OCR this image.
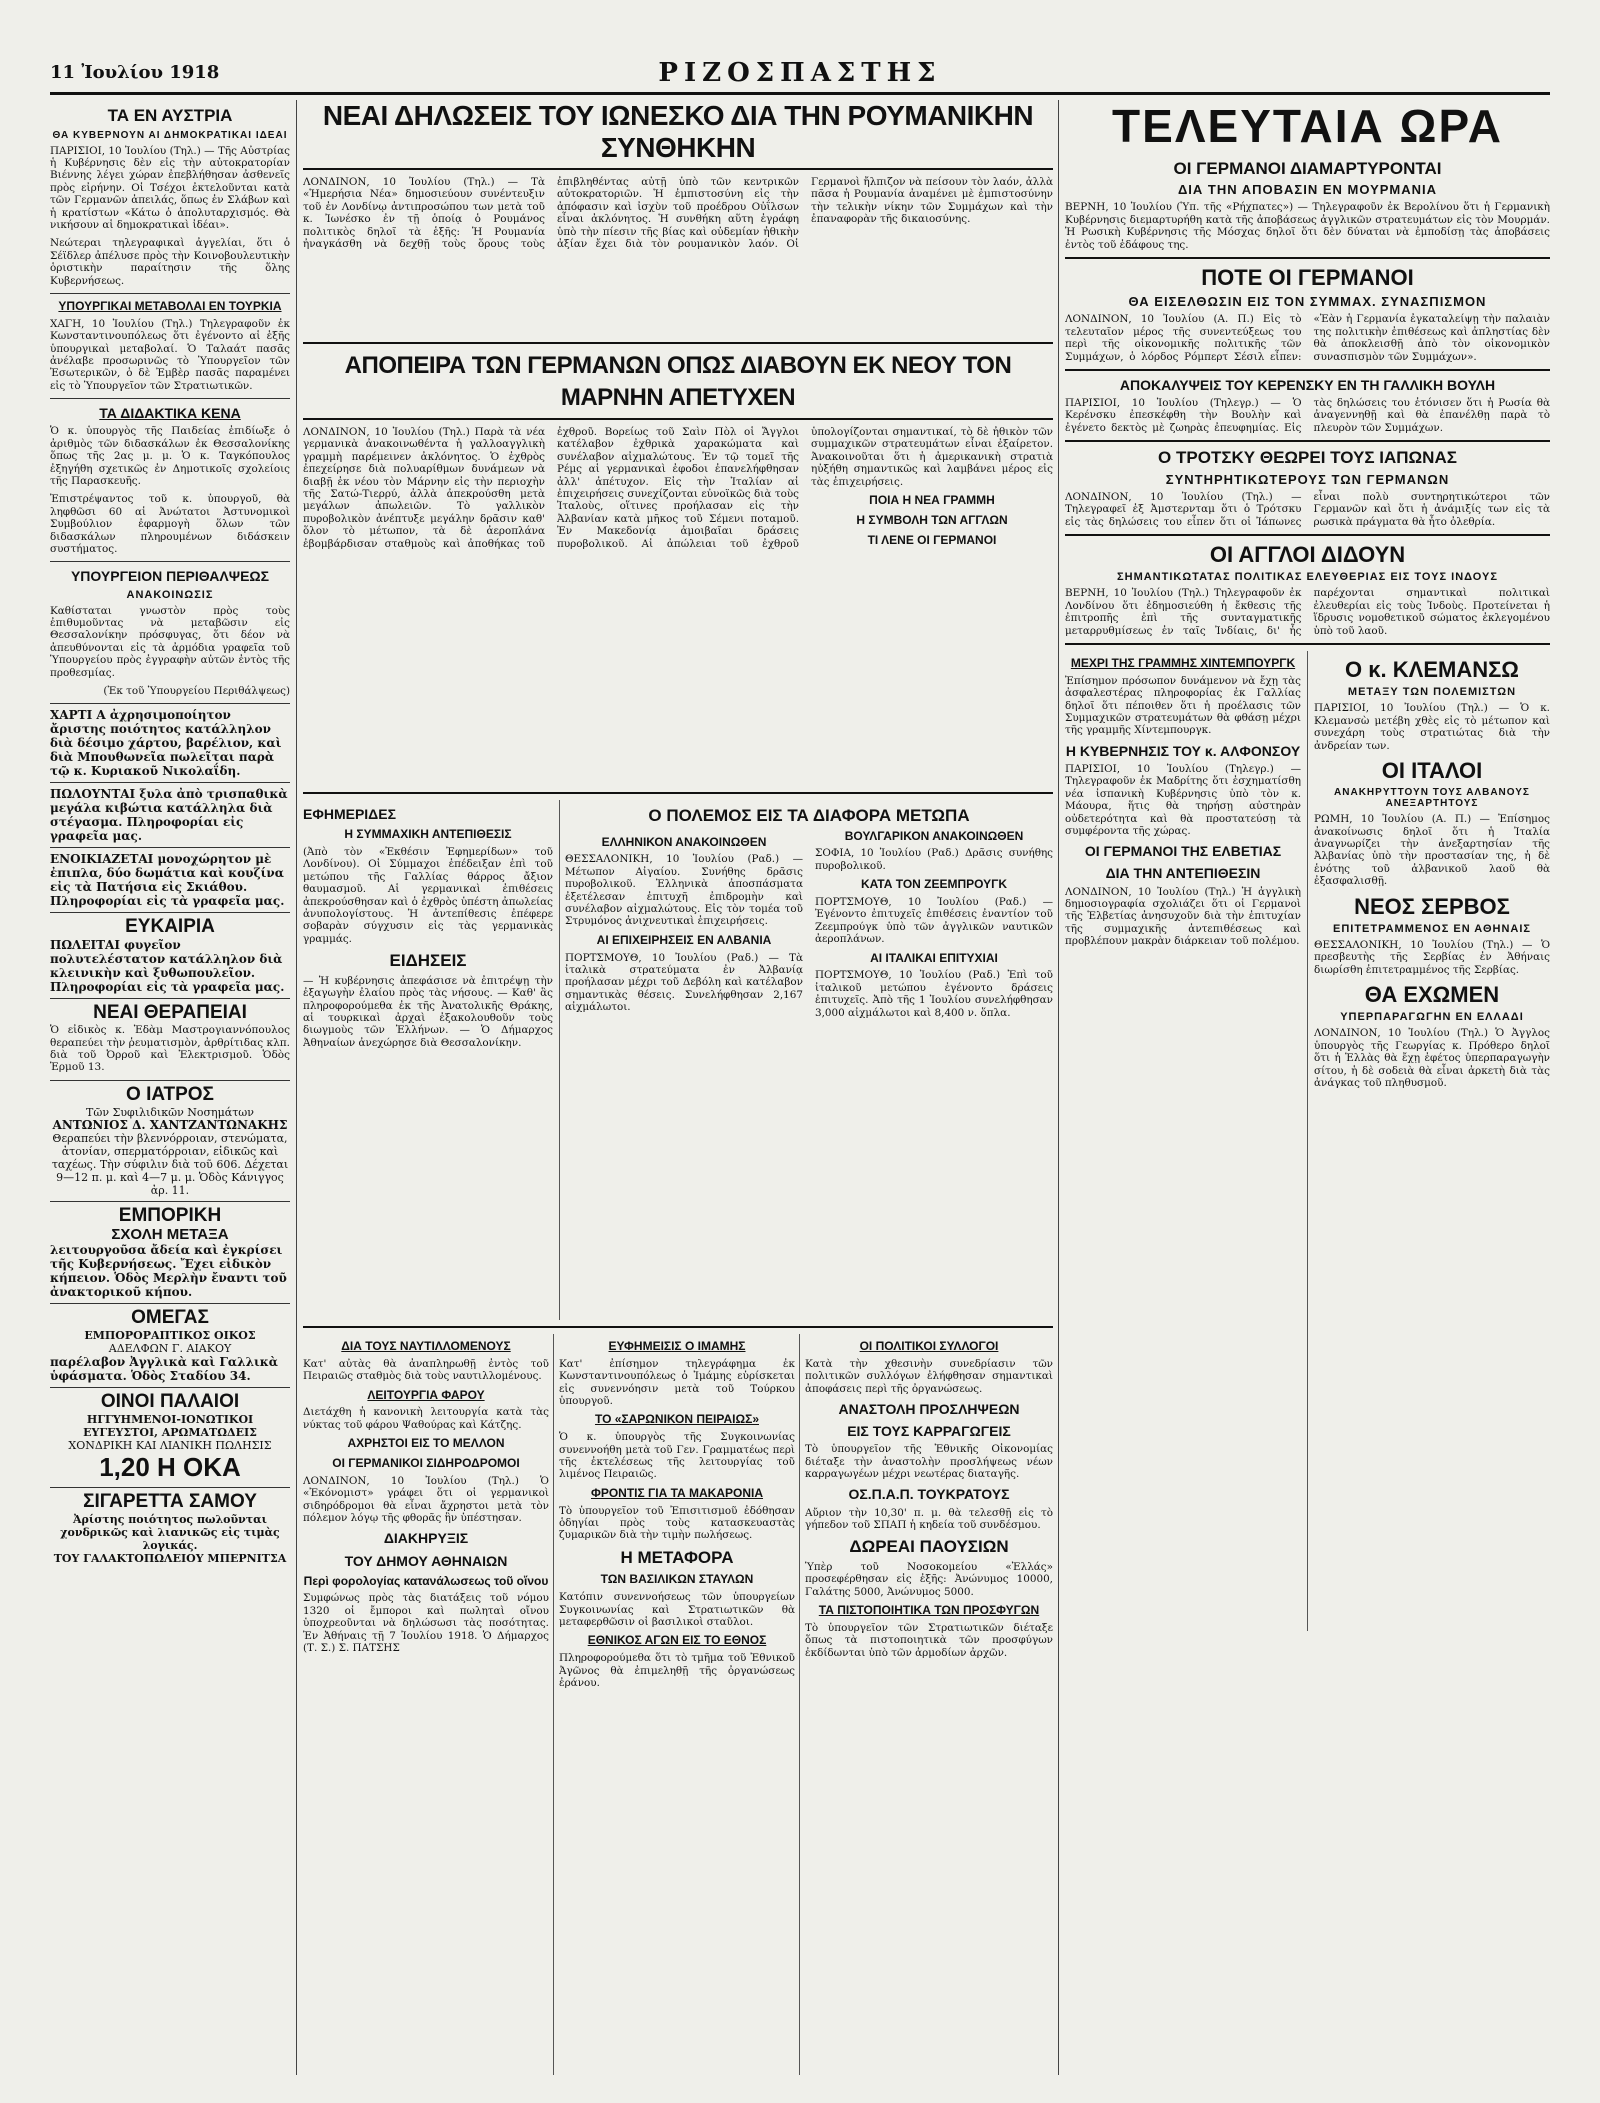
11 Ἰουλίου 1918	ΡΙΖΟΣΠΑΣΤΗΣ
ΤΑ ΕΝ ΑΥΣΤΡΙΑ
ΘΑ ΚΥΒΕΡΝΟΥΝ ΑΙ ΔΗΜΟΚΡΑΤΙΚΑΙ ΙΔΕΑΙ

ΠΑΡΙΣΙΟΙ, 10 Ἰουλίου (Τηλ.) — Τῆς Αὐστρίας ἡ Κυβέρνησις δὲν εἰς τὴν αὐτοκρατορίαν Βιέννης λέγει χώραν ἐπεβλήθησαν ἀσθενεῖς πρὸς εἰρήνην. Οἱ Τσέχοι ἐκτελοῦνται κατὰ τῶν Γερμανῶν ἀπειλάς, ὅπως ἐν Σλάβων καὶ ἡ κρατίστων «Κάτω ὁ ἀπολυταρχισμός. Θὰ νικήσουν αἱ δημοκρατικαὶ ἰδέαι».

Νεώτεραι τηλεγραφικαὶ ἀγγελίαι, ὅτι ὁ Σέϊδλερ ἀπέλυσε πρὸς τὴν Κοινοβουλευτικὴν ὁριστικὴν παραίτησιν τῆς ὅλης Κυβερνήσεως.

ΥΠΟΥΡΓΙΚΑΙ ΜΕΤΑΒΟΛΑΙ ΕΝ ΤΟΥΡΚΙΑ

ΧΑΓΗ, 10 Ἰουλίου (Τηλ.) Τηλεγραφοῦν ἐκ Κωνσταντινουπόλεως ὅτι ἐγένοντο αἱ ἑξῆς ὑπουργικαὶ μεταβολαί. Ὁ Ταλαάτ πασᾶς ἀνέλαβε προσωρινῶς τὸ Ὑπουργεῖον τῶν Ἐσωτερικῶν, ὁ δὲ Ἐμβὲρ πασᾶς παραμένει εἰς τὸ Ὑπουργεῖον τῶν Στρατιωτικῶν.

ΤΑ ΔΙΔΑΚΤΙΚΑ ΚΕΝΑ

Ὁ κ. ὑπουργὸς τῆς Παιδείας ἐπιδίωξε ὁ ἀριθμὸς τῶν διδασκάλων ἐκ Θεσσαλονίκης ὅπως τῆς 2ας μ. μ. Ὁ κ. Ταγκόπουλος ἐξηγήθη σχετικῶς ἐν Δημοτικοῖς σχολείοις τῆς Παρασκευῆς.

Ἐπιστρέψαντος τοῦ κ. ὑπουργοῦ, θὰ ληφθῶσι 60 αἱ Ἀνώτατοι Ἀστυνομικοὶ Συμβούλιον ἐφαρμογὴ ὅλων τῶν διδασκάλων πληρουμένων διδάσκειν συστήματος.

ΥΠΟΥΡΓΕΙΟΝ ΠΕΡΙΘΑΛΨΕΩΣ
ΑΝΑΚΟΙΝΩΣΙΣ

Καθίσταται γνωστὸν πρὸς τοὺς ἐπιθυμοῦντας νὰ μεταβῶσιν εἰς Θεσσαλονίκην πρόσφυγας, ὅτι δέον νὰ ἀπευθύνονται εἰς τὰ ἀρμόδια γραφεῖα τοῦ Ὑπουργείου πρὸς ἐγγραφὴν αὐτῶν ἐντὸς τῆς προθεσμίας.

(Ἐκ τοῦ Ὑπουργείου Περιθάλψεως)

ΧΑΡΤΙ Α ἀχρησιμοποίητον ἄριστης ποιότητος κατάλληλον διὰ δέσιμο χάρτου, βαρέλιον, καὶ διὰ Μπουθωνεῖα πωλεῖται παρὰ τῷ κ. Κυριακοῦ Νικολαΐδη.
ΠΩΛΟΥΝΤΑΙ ξυλα ἀπὸ τρισπαθικὰ μεγάλα κιβώτια κατάλληλα διὰ στέγασμα. Πληροφορίαι εἰς γραφεῖα μας.
ΕΝΟΙΚΙΑΖΕΤΑΙ μονοχώρητον μὲ ἐπιπλα, δύο δωμάτια καὶ κουζίνα εἰς τὰ Πατήσια εἰς Σκιάθου. Πληροφορίαι εἰς τὰ γραφεῖα μας.
ΕΥΚΑΙΡΙΑ
ΠΩΛΕΙΤΑΙ φυγεῖον πολυτελέστατον κατάλληλον διὰ κλεινικὴν καὶ ξυθωπουλεῖον. Πληροφορίαι εἰς τὰ γραφεῖα μας.
ΝΕΑΙ ΘΕΡΑΠΕΙΑΙ
Ὁ εἰδικὸς κ. Ἐδὰμ Μαστρογιαννόπουλος θεραπεύει τὴν ῥευματισμὸν, ἀρθρίτιδας κλπ. διὰ τοῦ Ὀρροῦ καὶ Ἐλεκτρισμοῦ. Ὁδὸς Ἑρμοῦ 13.
Ο ΙΑΤΡΟΣ
Τῶν Συφιλιδικῶν Νοσημάτων
ΑΝΤΩΝΙΟΣ Δ. ΧΑΝΤΖΑΝΤΩΝΑΚΗΣ
Θεραπεύει τὴν βλεννόρροιαν, στενώματα, ἀτονίαν, σπερματόρροιαν, εἰδικῶς καὶ ταχέως. Τὴν σύφιλιν διὰ τοῦ 606. Δέχεται 9—12 π. μ. καὶ 4—7 μ. μ. Ὁδὸς Κάνιγγος ἀρ. 11.
ΕΜΠΟΡΙΚΗ
ΣΧΟΛΗ ΜΕΤΑΞΑ
λειτουργοῦσα ἄδεία καὶ ἐγκρίσει τῆς Κυβερνήσεως. Ἔχει εἰδικὸν κήπειον. Ὁδὸς Μερλὴν ἔναντι τοῦ ἀνακτορικοῦ κήπου.
ΟΜΕΓΑΣ
ΕΜΠΟΡΟΡΑΠΤΙΚΟΣ ΟΙΚΟΣ
ΑΔΕΛΦΩΝ Γ. ΑΙΑΚΟΥ
παρέλαβον Ἀγγλικὰ καὶ Γαλλικὰ ὑφάσματα. Ὁδὸς Σταδίου 34.
ΟΙΝΟΙ ΠΑΛΑΙΟΙ
ΗΓΓΥΗΜΕΝΟΙ-ΙΟΝΩΤΙΚΟΙ
ΕΥΓΕΥΣΤΟΙ, ΑΡΩΜΑΤΩΔΕΙΣ
ΧΟΝΔΡΙΚΗ ΚΑΙ ΛΙΑΝΙΚΗ ΠΩΛΗΣΙΣ
1,20 Η ΟΚΑ
ΣΙΓΑΡΕΤΤΑ ΣΑΜΟΥ
Ἀρίστης ποιότητος πωλοῦνται χονδρικῶς καὶ λιανικῶς εἰς τιμὰς λογικάς.
ΤΟΥ ΓΑΛΑΚΤΟΠΩΛΕΙΟΥ ΜΠΕΡΝΙΤΣΑ
ΝΕΑΙ ΔΗΛΩΣΕΙΣ ΤΟΥ ΙΩΝΕΣΚΟ ΔΙΑ ΤΗΝ ΡΟΥΜΑΝΙΚΗΝ ΣΥΝΘΗΚΗΝ
ΛΟΝΔΙΝΟΝ, 10 Ἰουλίου (Τηλ.) — Τὰ «Ἡμερήσια Νέα» δημοσιεύουν συνέντευξιν τοῦ ἐν Λονδίνῳ ἀντιπροσώπου των μετὰ τοῦ κ. Ἰωνέσκο ἐν τῇ ὁποίᾳ ὁ Ρουμάνος πολιτικὸς δηλοῖ τὰ ἑξῆς: Ἡ Ρουμανία ἠναγκάσθη νὰ δεχθῇ τοὺς ὅρους τοὺς ἐπιβληθέντας αὐτῇ ὑπὸ τῶν κεντρικῶν αὐτοκρατοριῶν. Ἡ ἐμπιστοσύνη εἰς τὴν ἀπόφασιν καὶ ἰσχὺν τοῦ προέδρου Οὐΐλσων εἶναι ἀκλόνητος. Ἡ συνθήκη αὕτη ἐγράφη ὑπὸ τὴν πίεσιν τῆς βίας καὶ οὐδεμίαν ἠθικὴν ἀξίαν ἔχει διὰ τὸν ρουμανικὸν λαόν. Οἱ Γερμανοὶ ἤλπιζον νὰ πείσουν τὸν λαόν, ἀλλὰ πᾶσα ἡ Ρουμανία ἀναμένει μὲ ἐμπιστοσύνην τὴν τελικὴν νίκην τῶν Συμμάχων καὶ τὴν ἐπαναφορὰν τῆς δικαιοσύνης.
ΑΠΟΠΕΙΡΑ ΤΩΝ ΓΕΡΜΑΝΩΝ ΟΠΩΣ ΔΙΑΒΟΥΝ ΕΚ ΝΕΟΥ ΤΟΝ ΜΑΡΝΗΝ ΑΠΕΤΥΧΕΝ
ΛΟΝΔΙΝΟΝ, 10 Ἰουλίου (Τηλ.) Παρὰ τὰ νέα γερμανικὰ ἀνακοινωθέντα ἡ γαλλοαγγλικὴ γραμμὴ παρέμεινεν ἀκλόνητος. Ὁ ἐχθρὸς ἐπεχείρησε διὰ πολυαρίθμων δυνάμεων νὰ διαβῇ ἐκ νέου τὸν Μάρνην εἰς τὴν περιοχὴν τῆς Σατώ-Τιερρύ, ἀλλὰ ἀπεκρούσθη μετὰ μεγάλων ἀπωλειῶν. Τὸ γαλλικὸν πυροβολικὸν ἀνέπτυξε μεγάλην δρᾶσιν καθ' ὅλον τὸ μέτωπον, τὰ δὲ ἀεροπλάνα ἐβομβάρδισαν σταθμοὺς καὶ ἀποθήκας τοῦ ἐχθροῦ. Βορείως τοῦ Σαὶν Πὸλ οἱ Ἄγγλοι κατέλαβον ἐχθρικὰ χαρακώματα καὶ συνέλαβον αἰχμαλώτους. Ἐν τῷ τομεῖ τῆς Ρέμς αἱ γερμανικαὶ ἐφοδοι ἐπανελήφθησαν ἀλλ' ἀπέτυχον. Εἰς τὴν Ἰταλίαν αἱ ἐπιχειρήσεις συνεχίζονται εὐνοϊκῶς διὰ τοὺς Ἰταλοὺς, οἵτινες προήλασαν εἰς τὴν Ἀλβανίαν κατὰ μῆκος τοῦ Σέμενι ποταμοῦ. Ἐν Μακεδονίᾳ ἀμοιβαῖαι δράσεις πυροβολικοῦ. Αἱ ἀπώλειαι τοῦ ἐχθροῦ ὑπολογίζονται σημαντικαί, τὸ δὲ ἠθικὸν τῶν συμμαχικῶν στρατευμάτων εἶναι ἐξαίρετον. Ἀνακοινοῦται ὅτι ἡ ἀμερικανικὴ στρατιὰ ηὐξήθη σημαντικῶς καὶ λαμβάνει μέρος εἰς τὰς ἐπιχειρήσεις.
ΠΟΙΑ Η ΝΕΑ ΓΡΑΜΜΗ
Η ΣΥΜΒΟΛΗ ΤΩΝ ΑΓΓΛΩΝ
ΤΙ ΛΕΝΕ ΟΙ ΓΕΡΜΑΝΟΙ
ΕΦΗΜΕΡΙΔΕΣ
Η ΣΥΜΜΑΧΙΚΗ ΑΝΤΕΠΙΘΕΣΙΣ

(Ἀπὸ τὸν «Ἐκθέσιν Ἐφημερίδων» τοῦ Λονδίνου). Οἱ Σύμμαχοι ἐπέδειξαν ἐπὶ τοῦ μετώπου τῆς Γαλλίας θάρρος ἄξιον θαυμασμοῦ. Αἱ γερμανικαὶ ἐπιθέσεις ἀπεκρούσθησαν καὶ ὁ ἐχθρὸς ὑπέστη ἀπωλείας ἀνυπολογίστους. Ἡ ἀντεπίθεσις ἐπέφερε σοβαρὰν σύγχυσιν εἰς τὰς γερμανικὰς γραμμάς.

ΕΙΔΗΣΕΙΣ

— Ἡ κυβέρνησις ἀπεφάσισε νὰ ἐπιτρέψῃ τὴν ἐξαγωγὴν ἐλαίου πρὸς τὰς νήσους. — Καθ' ἃς πληροφορούμεθα ἐκ τῆς Ἀνατολικῆς Θράκης, αἱ τουρκικαὶ ἀρχαὶ ἐξακολουθοῦν τοὺς διωγμοὺς τῶν Ἑλλήνων. — Ὁ Δήμαρχος Ἀθηναίων ἀνεχώρησε διὰ Θεσσαλονίκην.

Ο ΠΟΛΕΜΟΣ ΕΙΣ ΤΑ ΔΙΑΦΟΡΑ ΜΕΤΩΠΑ
ΕΛΛΗΝΙΚΟΝ ΑΝΑΚΟΙΝΩΘΕΝ

ΘΕΣΣΑΛΟΝΙΚΗ, 10 Ἰουλίου (Ραδ.) — Μέτωπον Αἰγαίου. Συνήθης δρᾶσις πυροβολικοῦ. Ἑλληνικὰ ἀποσπάσματα ἐξετέλεσαν ἐπιτυχῆ ἐπιδρομὴν καὶ συνέλαβον αἰχμαλώτους. Εἰς τὸν τομέα τοῦ Στρυμόνος ἀνιχνευτικαὶ ἐπιχειρήσεις.

ΑΙ ΕΠΙΧΕΙΡΗΣΕΙΣ ΕΝ ΑΛΒΑΝΙΑ

ΠΟΡΤΣΜΟΥΘ, 10 Ἰουλίου (Ραδ.) — Τὰ ἰταλικὰ στρατεύματα ἐν Ἀλβανίᾳ προήλασαν μέχρι τοῦ Δεβόλη καὶ κατέλαβον σημαντικὰς θέσεις. Συνελήφθησαν 2,167 αἰχμάλωτοι.

ΒΟΥΛΓΑΡΙΚΟΝ ΑΝΑΚΟΙΝΩΘΕΝ

ΣΟΦΙΑ, 10 Ἰουλίου (Ραδ.) Δρᾶσις συνήθης πυροβολικοῦ.

ΚΑΤΑ ΤΟΝ ΖΕΕΜΠΡΟΥΓΚ

ΠΟΡΤΣΜΟΥΘ, 10 Ἰουλίου (Ραδ.) — Ἐγένοντο ἐπιτυχεῖς ἐπιθέσεις ἐναντίον τοῦ Ζεεμπρούγκ ὑπὸ τῶν ἀγγλικῶν ναυτικῶν ἀεροπλάνων.

ΑΙ ΙΤΑΛΙΚΑΙ ΕΠΙΤΥΧΙΑΙ

ΠΟΡΤΣΜΟΥΘ, 10 Ἰουλίου (Ραδ.) Ἐπὶ τοῦ ἰταλικοῦ μετώπου ἐγένοντο δράσεις ἐπιτυχεῖς. Ἀπὸ τῆς 1 Ἰουλίου συνελήφθησαν 3,000 αἰχμάλωτοι καὶ 8,400 ν. ὅπλα.

ΔΙΑ ΤΟΥΣ ΝΑΥΤΙΛΛΟΜΕΝΟΥΣ

Κατ' αὐτὰς θὰ ἀναπληρωθῇ ἐντὸς τοῦ Πειραιῶς σταθμὸς διὰ τοὺς ναυτιλλομένους.

ΛΕΙΤΟΥΡΓΙΑ ΦΑΡΟΥ

Διετάχθη ἡ κανονικὴ λειτουργία κατὰ τὰς νύκτας τοῦ φάρου Ψαθούρας καὶ Κάτζης.

ΑΧΡΗΣΤΟΙ ΕΙΣ ΤΟ ΜΕΛΛΟΝ
ΟΙ ΓΕΡΜΑΝΙΚΟΙ ΣΙΔΗΡΟΔΡΟΜΟΙ

ΛΟΝΔΙΝΟΝ, 10 Ἰουλίου (Τηλ.) Ὁ «Ἐκόνομιστ» γράφει ὅτι οἱ γερμανικοὶ σιδηρόδρομοι θὰ εἶναι ἄχρηστοι μετὰ τὸν πόλεμον λόγῳ τῆς φθορᾶς ἣν ὑπέστησαν.

ΔΙΑΚΗΡΥΞΙΣ
ΤΟΥ ΔΗΜΟΥ ΑΘΗΝΑΙΩΝ
Περὶ φορολογίας κατανάλωσεως τοῦ οἴνου

Συμφώνως πρὸς τὰς διατάξεις τοῦ νόμου 1320 οἱ ἔμποροι καὶ πωληταὶ οἴνου ὑποχρεοῦνται νὰ δηλώσωσι τὰς ποσότητας. Ἐν Ἀθήναις τῇ 7 Ἰουλίου 1918. Ὁ Δήμαρχος (Τ. Σ.) Σ. ΠΑΤΣΗΣ

ΕΥΦΗΜΕΙΣΙΣ Ο ΙΜΑΜΗΣ

Κατ' ἐπίσημον τηλεγράφημα ἐκ Κωνσταντινουπόλεως ὁ Ἰμάμης εὑρίσκεται εἰς συνεννόησιν μετὰ τοῦ Τούρκου ὑπουργοῦ.

ΤΟ «ΣΑΡΩΝΙΚΟΝ ΠΕΙΡΑΙΩΣ»

Ὁ κ. ὑπουργὸς τῆς Συγκοινωνίας συνεννοήθη μετὰ τοῦ Γεν. Γραμματέως περὶ τῆς ἐκτελέσεως τῆς λειτουργίας τοῦ λιμένος Πειραιῶς.

ΦΡΟΝΤΙΣ ΓΙΑ ΤΑ ΜΑΚΑΡΟΝΙΑ

Τὸ ὑπουργεῖον τοῦ Ἐπισιτισμοῦ ἐδόθησαν ὁδηγίαι πρὸς τοὺς κατασκευαστὰς ζυμαρικῶν διὰ τὴν τιμὴν πωλήσεως.

Η ΜΕΤΑΦΟΡΑ
ΤΩΝ ΒΑΣΙΛΙΚΩΝ ΣΤΑΥΛΩΝ

Κατόπιν συνεννοήσεως τῶν ὑπουργείων Συγκοινωνίας καὶ Στρατιωτικῶν θὰ μεταφερθῶσιν οἱ βασιλικοὶ σταῦλοι.

ΕΘΝΙΚΟΣ ΑΓΩΝ ΕΙΣ ΤΟ ΕΘΝΟΣ

Πληροφορούμεθα ὅτι τὸ τμῆμα τοῦ Ἐθνικοῦ Ἀγῶνος θὰ ἐπιμεληθῇ τῆς ὀργανώσεως ἐράνου.

ΟΙ ΠΟΛΙΤΙΚΟΙ ΣΥΛΛΟΓΟΙ

Κατὰ τὴν χθεσινὴν συνεδρίασιν τῶν πολιτικῶν συλλόγων ἐλήφθησαν σημαντικαὶ ἀποφάσεις περὶ τῆς ὀργανώσεως.

ΑΝΑΣΤΟΛΗ ΠΡΟΣΛΗΨΕΩΝ
ΕΙΣ ΤΟΥΣ ΚΑΡΡΑΓΩΓΕΙΣ

Τὸ ὑπουργεῖον τῆς Ἐθνικῆς Οἰκονομίας διέταξε τὴν ἀναστολὴν προσλήψεως νέων καρραγωγέων μέχρι νεωτέρας διαταγῆς.

ΟΣ.Π.Α.Π. ΤΟΥΚΡΑΤΟΥΣ

Αὔριον τὴν 10,30' π. μ. θὰ τελεσθῇ εἰς τὸ γήπεδον τοῦ ΣΠΑΠ ἡ κηδεία τοῦ συνδέσμου.

ΔΩΡΕΑΙ ΠΑΟΥΣΙΩΝ

Ὑπὲρ τοῦ Νοσοκομείου «Ἐλλάς» προσεφέρθησαν εἰς ἐξῆς: Ἀνώνυμος 10000, Γαλάτης 5000, Ἀνώνυμος 5000.

ΤΑ ΠΙΣΤΟΠΟΙΗΤΙΚΑ ΤΩΝ ΠΡΟΣΦΥΓΩΝ

Τὸ ὑπουργεῖον τῶν Στρατιωτικῶν διέταξε ὅπως τὰ πιστοποιητικὰ τῶν προσφύγων ἐκδίδωνται ὑπὸ τῶν ἀρμοδίων ἀρχῶν.

ΤΕΛΕΥΤΑΙΑ ΩΡΑ
ΟΙ ΓΕΡΜΑΝΟΙ ΔΙΑΜΑΡΤΥΡΟΝΤΑΙ
ΔΙΑ ΤΗΝ ΑΠΟΒΑΣΙΝ ΕΝ ΜΟΥΡΜΑΝΙΑ

ΒΕΡΝΗ, 10 Ἰουλίου (Ὑπ. τῆς «Ρήχπατες») — Τηλεγραφοῦν ἐκ Βερολίνου ὅτι ἡ Γερμανικὴ Κυβέρνησις διεμαρτυρήθη κατὰ τῆς ἀποβάσεως ἀγγλικῶν στρατευμάτων εἰς τὸν Μουρμάν. Ἡ Ρωσικὴ Κυβέρνησις τῆς Μόσχας δηλοῖ ὅτι δὲν δύναται νὰ ἐμποδίσῃ τὰς ἀποβάσεις ἐντὸς τοῦ ἐδάφους της.

ΠΟΤΕ ΟΙ ΓΕΡΜΑΝΟΙ
ΘΑ ΕΙΣΕΛΘΩΣΙΝ ΕΙΣ ΤΟΝ ΣΥΜΜΑΧ. ΣΥΝΑΣΠΙΣΜΟΝ

ΛΟΝΔΙΝΟΝ, 10 Ἰουλίου (Α. Π.) Εἰς τὸ τελευταῖον μέρος τῆς συνεντεύξεως του περὶ τῆς οἰκονομικῆς πολιτικῆς τῶν Συμμάχων, ὁ λόρδος Ρόμπερτ Σέσιλ εἶπεν: «Ἐὰν ἡ Γερμανία ἐγκαταλείψῃ τὴν παλαιὰν της πολιτικὴν ἐπιθέσεως καὶ ἀπληστίας δὲν θὰ ἀποκλεισθῇ ἀπὸ τὸν οἰκονομικὸν συνασπισμὸν τῶν Συμμάχων».

ΑΠΟΚΑΛΥΨΕΙΣ ΤΟΥ ΚΕΡΕΝΣΚΥ ΕΝ ΤΗ ΓΑΛΛΙΚΗ ΒΟΥΛΗ

ΠΑΡΙΣΙΟΙ, 10 Ἰουλίου (Τηλεγρ.) — Ὁ Κερένσκυ ἐπεσκέφθη τὴν Βουλὴν καὶ ἐγένετο δεκτὸς μὲ ζωηρὰς ἐπευφημίας. Εἰς τὰς δηλώσεις του ἐτόνισεν ὅτι ἡ Ρωσία θὰ ἀναγεννηθῇ καὶ θὰ ἐπανέλθῃ παρὰ τὸ πλευρὸν τῶν Συμμάχων.

Ο ΤΡΟΤΣΚΥ ΘΕΩΡΕΙ ΤΟΥΣ ΙΑΠΩΝΑΣ
ΣΥΝΤΗΡΗΤΙΚΩΤΕΡΟΥΣ ΤΩΝ ΓΕΡΜΑΝΩΝ

ΛΟΝΔΙΝΟΝ, 10 Ἰουλίου (Τηλ.) — Τηλεγραφεῖ ἐξ Ἀμστερνταμ ὅτι ὁ Τρότσκυ εἰς τὰς δηλώσεις του εἶπεν ὅτι οἱ Ἰάπωνες εἶναι πολὺ συντηρητικώτεροι τῶν Γερμανῶν καὶ ὅτι ἡ ἀνάμιξίς των εἰς τὰ ρωσικὰ πράγματα θὰ ἦτο ὀλεθρία.

ΟΙ ΑΓΓΛΟΙ ΔΙΔΟΥΝ
ΣΗΜΑΝΤΙΚΩΤΑΤΑΣ ΠΟΛΙΤΙΚΑΣ ΕΛΕΥΘΕΡΙΑΣ ΕΙΣ ΤΟΥΣ ΙΝΔΟΥΣ

ΒΕΡΝΗ, 10 Ἰουλίου (Τηλ.) Τηλεγραφοῦν ἐκ Λονδίνου ὅτι ἐδημοσιεύθη ἡ ἔκθεσις τῆς ἐπιτροπῆς ἐπὶ τῆς συνταγματικῆς μεταρρυθμίσεως ἐν ταῖς Ἰνδίαις, δι' ἧς παρέχονται σημαντικαὶ πολιτικαὶ ἐλευθερίαι εἰς τοὺς Ἰνδοὺς. Προτείνεται ἡ ἵδρυσις νομοθετικοῦ σώματος ἐκλεγομένου ὑπὸ τοῦ λαοῦ.

ΜΕΧΡΙ ΤΗΣ ΓΡΑΜΜΗΣ ΧΙΝΤΕΜΠΟΥΡΓΚ

Ἐπίσημον πρόσωπον δυνάμενον νὰ ἔχῃ τὰς ἀσφαλεστέρας πληροφορίας ἐκ Γαλλίας δηλοῖ ὅτι πέποιθεν ὅτι ἡ προέλασις τῶν Συμμαχικῶν στρατευμάτων θὰ φθάσῃ μέχρι τῆς γραμμῆς Χίντεμπουργκ.

Η ΚΥΒΕΡΝΗΣΙΣ ΤΟΥ κ. ΑΛΦΟΝΣΟΥ

ΠΑΡΙΣΙΟΙ, 10 Ἰουλίου (Τηλεγρ.) — Τηλεγραφοῦν ἐκ Μαδρίτης ὅτι ἐσχηματίσθη νέα ἰσπανικὴ Κυβέρνησις ὑπὸ τὸν κ. Μάουρα, ἥτις θὰ τηρήσῃ αὐστηρὰν οὐδετερότητα καὶ θὰ προστατεύσῃ τὰ συμφέροντα τῆς χώρας.

ΟΙ ΓΕΡΜΑΝΟΙ ΤΗΣ ΕΛΒΕΤΙΑΣ
ΔΙΑ ΤΗΝ ΑΝΤΕΠΙΘΕΣΙΝ

ΛΟΝΔΙΝΟΝ, 10 Ἰουλίου (Τηλ.) Ἡ ἀγγλικὴ δημοσιογραφία σχολιάζει ὅτι οἱ Γερμανοὶ τῆς Ἑλβετίας ἀνησυχοῦν διὰ τὴν ἐπιτυχίαν τῆς συμμαχικῆς ἀντεπιθέσεως καὶ προβλέπουν μακρὰν διάρκειαν τοῦ πολέμου.

Ο κ. ΚΛΕΜΑΝΣΩ
ΜΕΤΑΞΥ ΤΩΝ ΠΟΛΕΜΙΣΤΩΝ

ΠΑΡΙΣΙΟΙ, 10 Ἰουλίου (Τηλ.) — Ὁ κ. Κλεμανσὼ μετέβη χθὲς εἰς τὸ μέτωπον καὶ συνεχάρη τοὺς στρατιώτας διὰ τὴν ἀνδρείαν των.

ΟΙ ΙΤΑΛΟΙ
ΑΝΑΚΗΡΥΤΤΟΥΝ ΤΟΥΣ ΑΛΒΑΝΟΥΣ ΑΝΕΞΑΡΤΗΤΟΥΣ

ΡΩΜΗ, 10 Ἰουλίου (Α. Π.) — Ἐπίσημος ἀνακοίνωσις δηλοῖ ὅτι ἡ Ἰταλία ἀναγνωρίζει τὴν ἀνεξαρτησίαν τῆς Ἀλβανίας ὑπὸ τὴν προστασίαν της, ἡ δὲ ἑνότης τοῦ ἀλβανικοῦ λαοῦ θὰ ἐξασφαλισθῇ.

ΝΕΟΣ ΣΕΡΒΟΣ
ΕΠΙΤΕΤΡΑΜΜΕΝΟΣ ΕΝ ΑΘΗΝΑΙΣ

ΘΕΣΣΑΛΟΝΙΚΗ, 10 Ἰουλίου (Τηλ.) — Ὁ πρεσβευτὴς τῆς Σερβίας ἐν Ἀθήναις διωρίσθη ἐπιτετραμμένος τῆς Σερβίας.

ΘΑ ΕΧΩΜΕΝ
ΥΠΕΡΠΑΡΑΓΩΓΗΝ ΕΝ ΕΛΛΑΔΙ

ΛΟΝΔΙΝΟΝ, 10 Ἰουλίου (Τηλ.) Ὁ Ἀγγλος ὑπουργὸς τῆς Γεωργίας κ. Πρόθερο δηλοῖ ὅτι ἡ Ἑλλὰς θὰ ἔχῃ ἐφέτος ὑπερπαραγωγὴν σίτου, ἡ δὲ σοδειὰ θὰ εἶναι ἀρκετὴ διὰ τὰς ἀνάγκας τοῦ πληθυσμοῦ.
